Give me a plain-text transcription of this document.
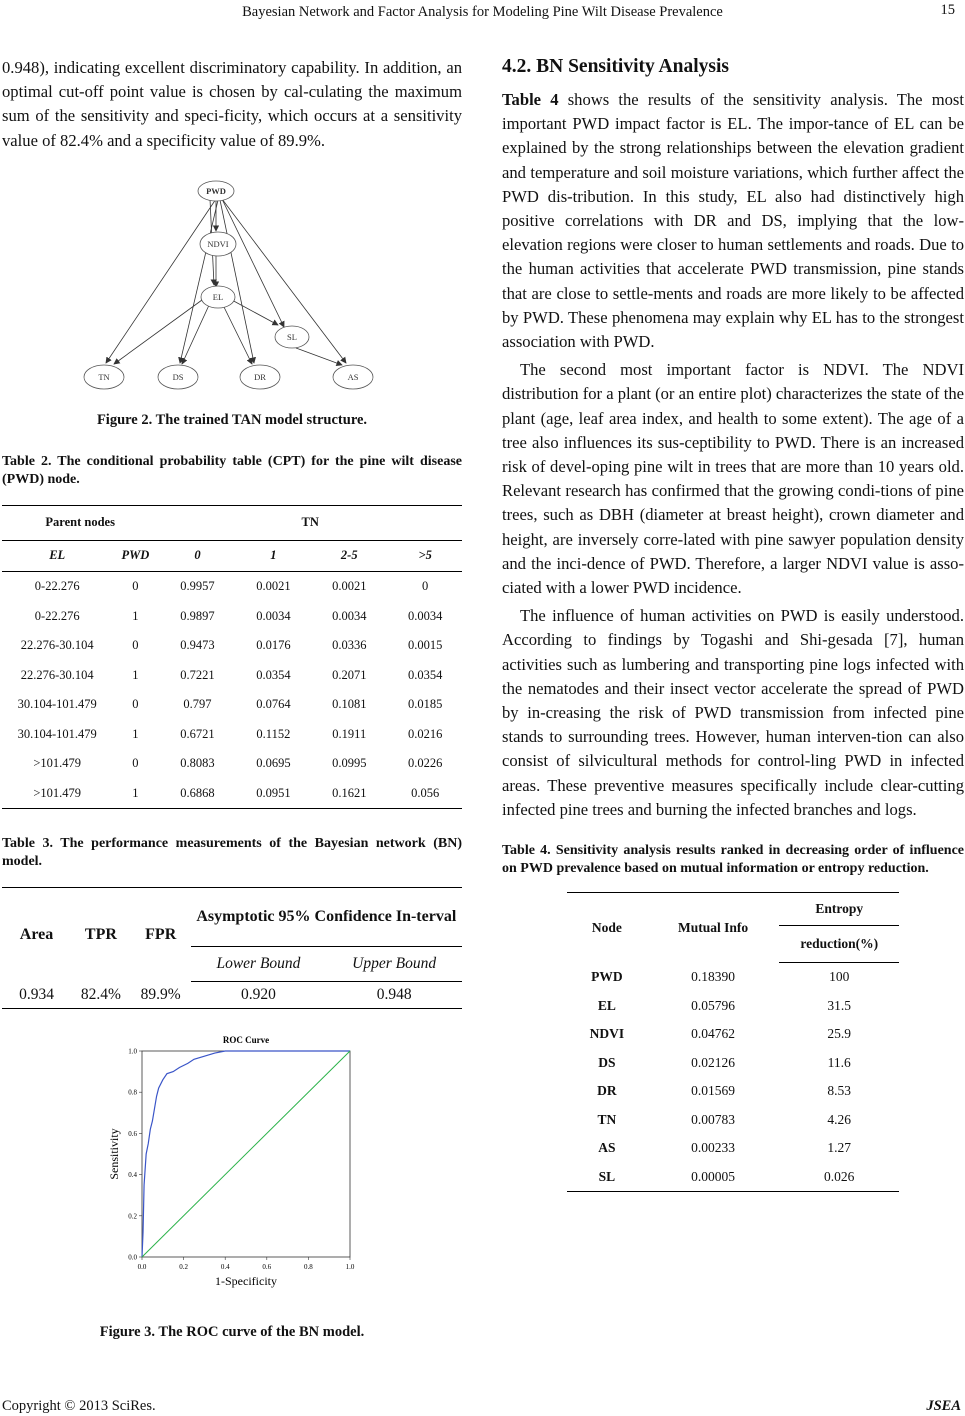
Bayesian Network and Factor Analysis for Modeling Pine Wilt Disease Prevalence	15

0.948), indicating excellent discriminatory capability. In addition, an optimal cut-off point value is chosen by cal-culating the maximum sum of the sensitivity and speci-ficity, which occurs at a sensitivity value of 82.4% and a specificity value of 89.9%.

PWD
NDVI
EL
SL
TN	DS	DR	AS
Figure 2. The trained TAN model structure.
Table 2. The conditional probability table (CPT) for the pine wilt disease (PWD) node.
Parent nodes		TN			
EL	PWD	0	1	2-5	>5
0-22.276	0	0.9957	0.0021	0.0021	0
0-22.276	1	0.9897	0.0034	0.0034	0.0034
22.276-30.104	0	0.9473	0.0176	0.0336	0.0015
22.276-30.104	1	0.7221	0.0354	0.2071	0.0354
30.104-101.479	0	0.797	0.0764	0.1081	0.0185
30.104-101.479	1	0.6721	0.1152	0.1911	0.0216
>101.479	0	0.8083	0.0695	0.0995	0.0226
>101.479	1	0.6868	0.0951	0.1621	0.056
Table 3. The performance measurements of the Bayesian network (BN) model.
Area	TPR	FPR	Asymptotic 95% Confidence In-terval	
			Lower Bound	Upper Bound
0.934	82.4%	89.9%	0.920	0.948
ROC Curve
0.0	0.2	0.4	0.6	0.8	1.0
0.0
0.2
0.4
0.6
0.8
1.0
1-Specificity
Sensitivity
Figure 3. The ROC curve of the BN model.
4.2. BN Sensitivity Analysis

Table 4 shows the results of the sensitivity analysis. The most important PWD impact factor is EL. The impor-tance of EL can be explained by the strong relationships between the elevation gradient and temperature and soil moisture variations, which further affect the PWD dis-tribution. In this study, EL also had distinctively high positive correlations with DR and DS, implying that the low-elevation regions were closer to human settlements and roads. Due to the human activities that accelerate PWD transmission, pine stands that are close to settle-ments and roads are more likely to be affected by PWD. These phenomena may explain why EL has to the strongest association with PWD.

The second most important factor is NDVI. The NDVI distribution for a plant (or an entire plot) characterizes the state of the plant (age, leaf area index, and health to some extent). The age of a tree also influences its sus-ceptibility to PWD. There is an increased risk of devel-oping pine wilt in trees that are more than 10 years old. Relevant research has confirmed that the growing condi-tions of pine trees, such as DBH (diameter at breast height), crown diameter and height, are inversely corre-lated with pine sawyer population density and the inci-dence of PWD. Therefore, a larger NDVI value is asso-ciated with a lower PWD incidence.

The influence of human activities on PWD is easily understood. According to findings by Togashi and Shi-gesada [7], human activities such as lumbering and transporting pine logs infected with the nematodes and their insect vector accelerate the spread of PWD by in-creasing the risk of PWD transmission from infected pine stands to surrounding trees. However, human interven-tion can also consist of silvicultural methods for control-ling PWD in infected areas. These preventive measures specifically include clear-cutting infected pine trees and burning the infected branches and logs.

Table 4. Sensitivity analysis results ranked in decreasing order of influence on PWD prevalence based on mutual information or entropy reduction.
Node	Mutual Info	Entropy
		reduction(%)
PWD	0.18390	100
EL	0.05796	31.5
NDVI	0.04762	25.9
DS	0.02126	11.6
DR	0.01569	8.53
TN	0.00783	4.26
AS	0.00233	1.27
SL	0.00005	0.026
Copyright © 2013 SciRes.	JSEA
